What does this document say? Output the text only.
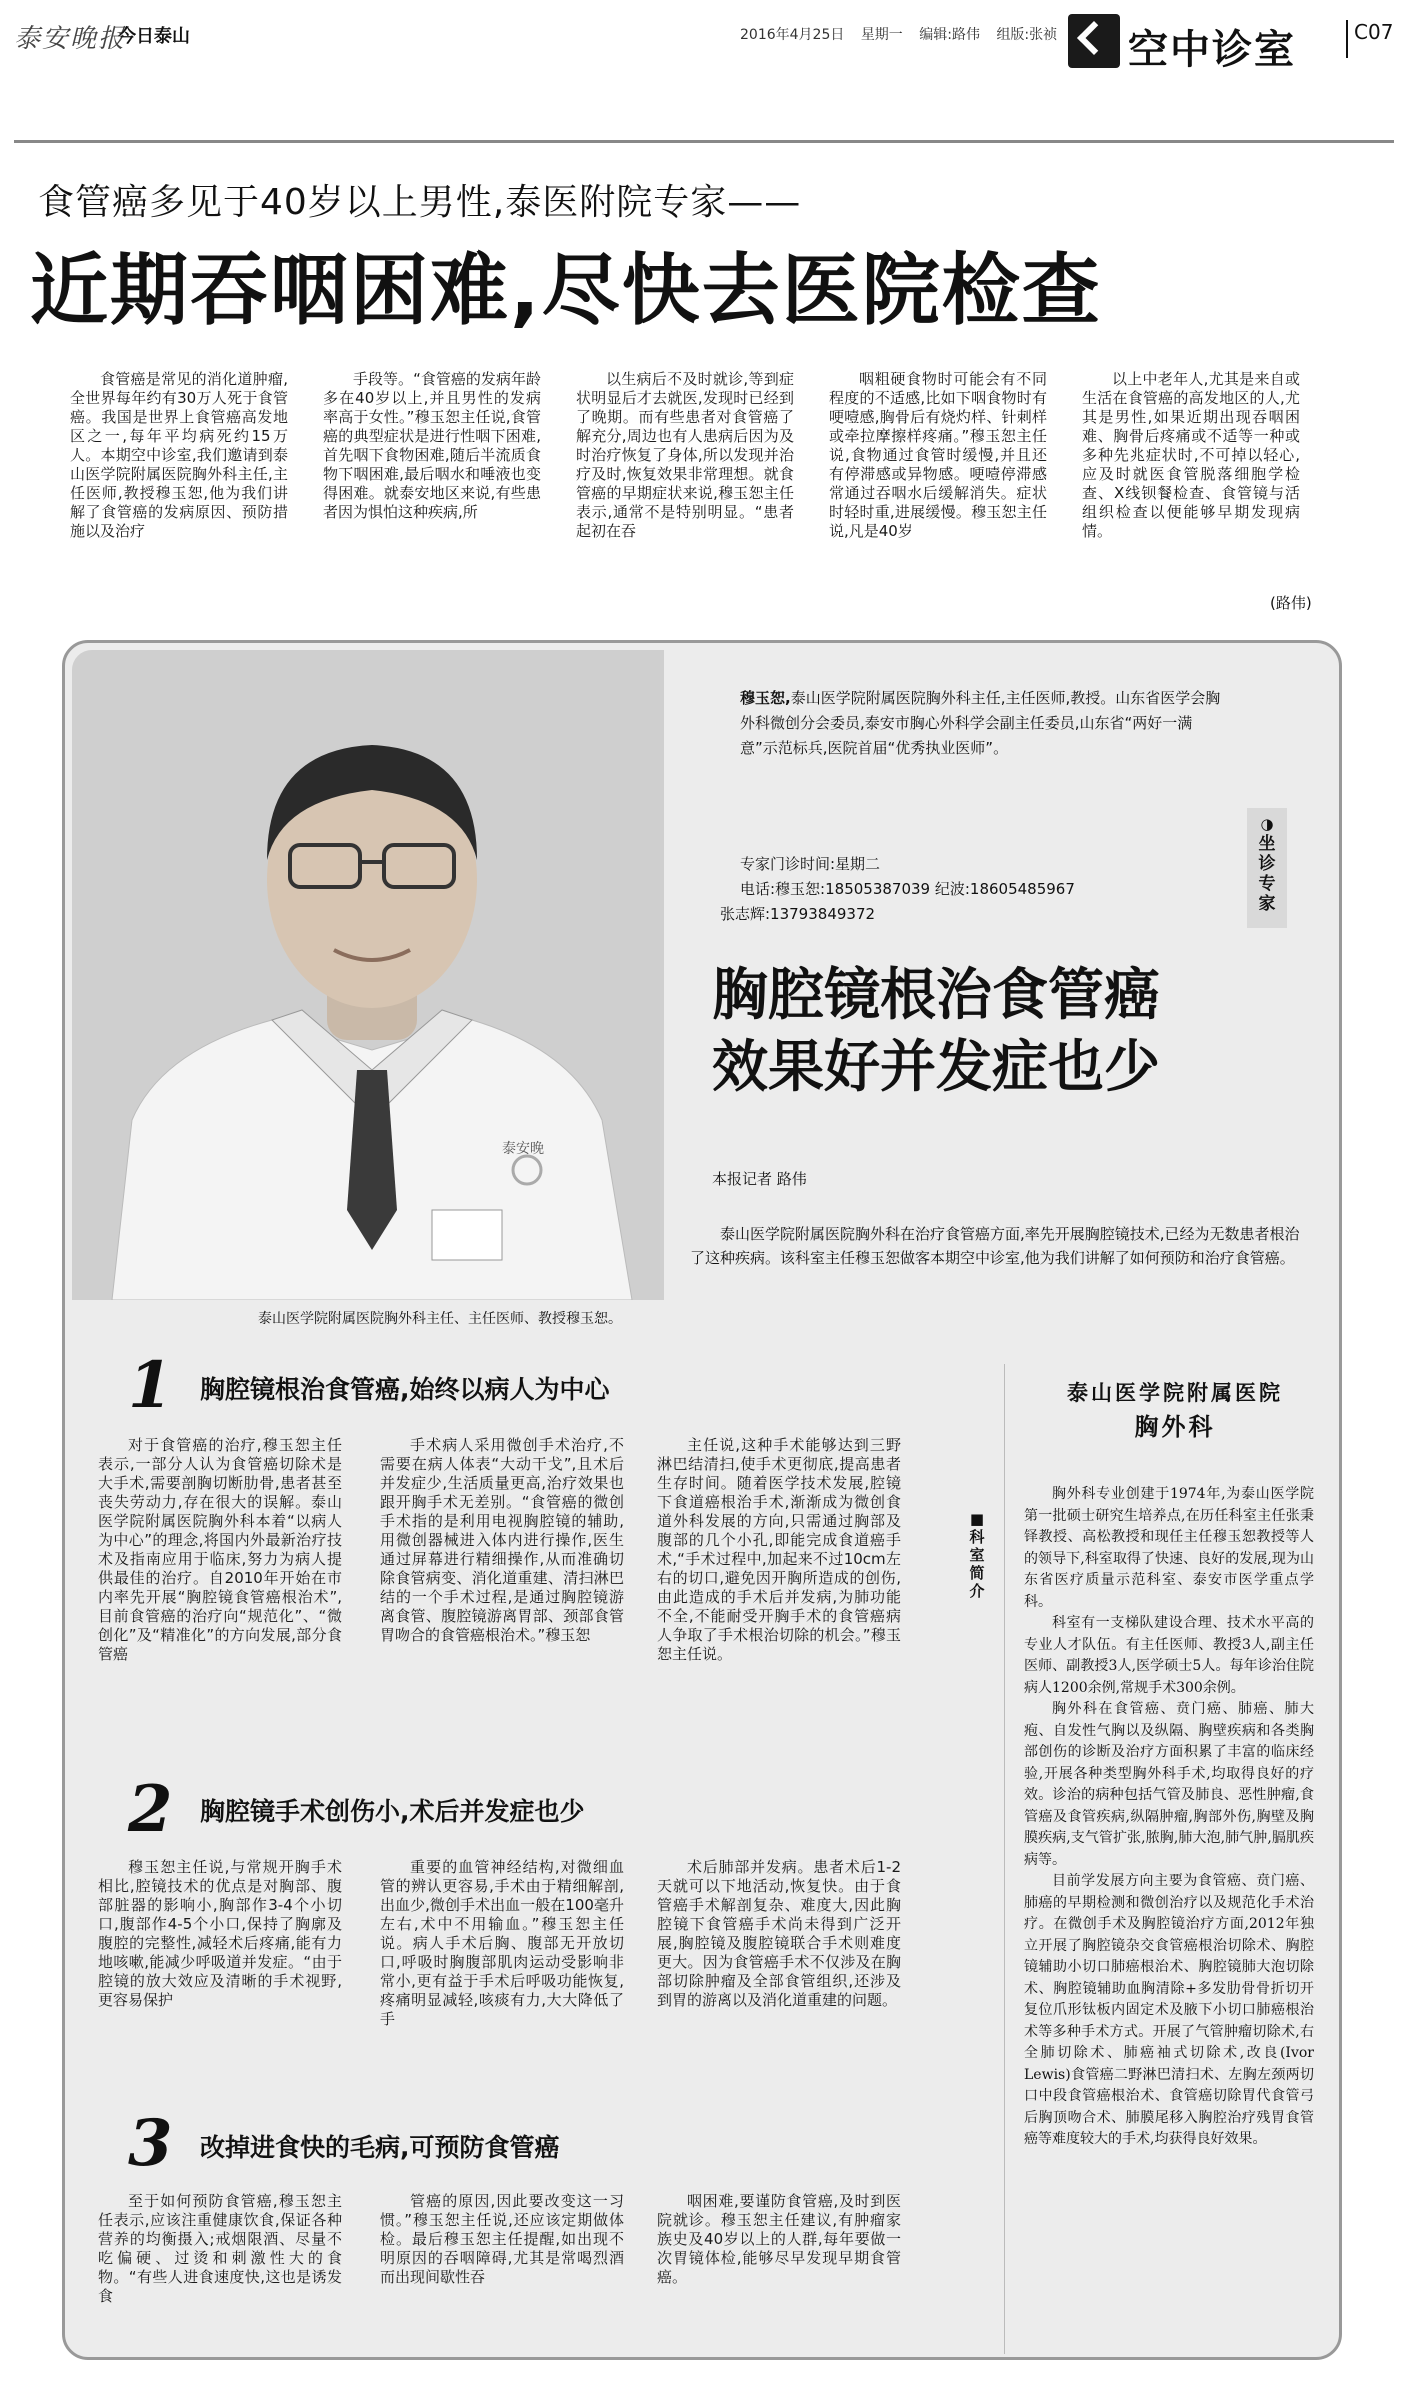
泰安晚报
今日泰山	2016年4月25日 星期一 编辑:路伟 组版:张祯	空中诊室	C07
食管癌多见于40岁以上男性,泰医附院专家——
近期吞咽困难,尽快去医院检查

食管癌是常见的消化道肿瘤,全世界每年约有30万人死于食管癌。我国是世界上食管癌高发地区之一,每年平均病死约15万人。本期空中诊室,我们邀请到泰山医学院附属医院胸外科主任,主任医师,教授穆玉恕,他为我们讲解了食管癌的发病原因、预防措施以及治疗

手段等。“食管癌的发病年龄多在40岁以上,并且男性的发病率高于女性。”穆玉恕主任说,食管癌的典型症状是进行性咽下困难,首先咽下食物困难,随后半流质食物下咽困难,最后咽水和唾液也变得困难。就泰安地区来说,有些患者因为惧怕这种疾病,所

以生病后不及时就诊,等到症状明显后才去就医,发现时已经到了晚期。而有些患者对食管癌了解充分,周边也有人患病后因为及时治疗恢复了身体,所以发现并治疗及时,恢复效果非常理想。就食管癌的早期症状来说,穆玉恕主任表示,通常不是特别明显。“患者起初在吞

咽粗硬食物时可能会有不同程度的不适感,比如下咽食物时有哽噎感,胸骨后有烧灼样、针刺样或牵拉摩擦样疼痛。”穆玉恕主任说,食物通过食管时缓慢,并且还有停滞感或异物感。哽噎停滞感常通过吞咽水后缓解消失。症状时轻时重,进展缓慢。穆玉恕主任说,凡是40岁

以上中老年人,尤其是来自或生活在食管癌的高发地区的人,尤其是男性,如果近期出现吞咽困难、胸骨后疼痛或不适等一种或多种先兆症状时,不可掉以轻心,应及时就医食管脱落细胞学检查、X线钡餐检查、食管镜与活组织检查以便能够早期发现病情。

(路伟)
泰安晚
泰山医学院附属医院胸外科主任、主任医师、教授穆玉恕。
穆玉恕,泰山医学院附属医院胸外科主任,主任医师,教授。山东省医学会胸外科微创分会委员,泰安市胸心外科学会副主任委员,山东省“两好一满意”示范标兵,医院首届“优秀执业医师”。
专家门诊时间:星期二
电话:穆玉恕:18505387039 纪波:18605485967
张志辉:13793849372
◑
坐诊专家
胸腔镜根治食管癌
效果好并发症也少
本报记者 路伟

泰山医学院附属医院胸外科在治疗食管癌方面,率先开展胸腔镜技术,已经为无数患者根治了这种疾病。该科室主任穆玉恕做客本期空中诊室,他为我们讲解了如何预防和治疗食管癌。

1 胸腔镜根治食管癌,始终以病人为中心

对于食管癌的治疗,穆玉恕主任表示,一部分人认为食管癌切除术是大手术,需要剖胸切断肋骨,患者甚至丧失劳动力,存在很大的误解。泰山医学院附属医院胸外科本着“以病人为中心”的理念,将国内外最新治疗技术及指南应用于临床,努力为病人提供最佳的治疗。自2010年开始在市内率先开展“胸腔镜食管癌根治术”,目前食管癌的治疗向“规范化”、“微创化”及“精准化”的方向发展,部分食管癌

手术病人采用微创手术治疗,不需要在病人体表“大动干戈”,且术后并发症少,生活质量更高,治疗效果也跟开胸手术无差别。“食管癌的微创手术指的是利用电视胸腔镜的辅助,用微创器械进入体内进行操作,医生通过屏幕进行精细操作,从而准确切除食管病变、消化道重建、清扫淋巴结的一个手术过程,是通过胸腔镜游离食管、腹腔镜游离胃部、颈部食管胃吻合的食管癌根治术。”穆玉恕

主任说,这种手术能够达到三野淋巴结清扫,使手术更彻底,提高患者生存时间。随着医学技术发展,腔镜下食道癌根治手术,渐渐成为微创食道外科发展的方向,只需通过胸部及腹部的几个小孔,即能完成食道癌手术,“手术过程中,加起来不过10cm左右的切口,避免因开胸所造成的创伤,由此造成的手术后并发病,为肺功能不全,不能耐受开胸手术的食管癌病人争取了手术根治切除的机会。”穆玉恕主任说。

2 胸腔镜手术创伤小,术后并发症也少

穆玉恕主任说,与常规开胸手术相比,腔镜技术的优点是对胸部、腹部脏器的影响小,胸部作3-4个小切口,腹部作4-5个小口,保持了胸廓及腹腔的完整性,减轻术后疼痛,能有力地咳嗽,能减少呼吸道并发症。“由于腔镜的放大效应及清晰的手术视野,更容易保护

重要的血管神经结构,对微细血管的辨认更容易,手术由于精细解剖,出血少,微创手术出血一般在100毫升左右,术中不用输血。”穆玉恕主任说。病人手术后胸、腹部无开放切口,呼吸时胸腹部肌肉运动受影响非常小,更有益于手术后呼吸功能恢复,疼痛明显减轻,咳痰有力,大大降低了手

术后肺部并发病。患者术后1-2天就可以下地活动,恢复快。由于食管癌手术解剖复杂、难度大,因此胸腔镜下食管癌手术尚未得到广泛开展,胸腔镜及腹腔镜联合手术则难度更大。因为食管癌手术不仅涉及在胸部切除肿瘤及全部食管组织,还涉及到胃的游离以及消化道重建的问题。

3 改掉进食快的毛病,可预防食管癌

至于如何预防食管癌,穆玉恕主任表示,应该注重健康饮食,保证各种营养的均衡摄入;戒烟限酒、尽量不吃偏硬、过烫和刺激性大的食物。“有些人进食速度快,这也是诱发食

管癌的原因,因此要改变这一习惯。”穆玉恕主任说,还应该定期做体检。最后穆玉恕主任提醒,如出现不明原因的吞咽障碍,尤其是常喝烈酒而出现间歇性吞

咽困难,要谨防食管癌,及时到医院就诊。穆玉恕主任建议,有肿瘤家族史及40岁以上的人群,每年要做一次胃镜体检,能够尽早发现早期食管癌。

泰山医学院附属医院
胸外科
■
科室简介

胸外科专业创建于1974年,为泰山医学院第一批硕士研究生培养点,在历任科室主任张秉铎教授、高松教授和现任主任穆玉恕教授等人的领导下,科室取得了快速、良好的发展,现为山东省医疗质量示范科室、泰安市医学重点学科。

科室有一支梯队建设合理、技术水平高的专业人才队伍。有主任医师、教授3人,副主任医师、副教授3人,医学硕士5人。每年诊治住院病人1200余例,常规手术300余例。

胸外科在食管癌、贲门癌、肺癌、肺大疱、自发性气胸以及纵隔、胸壁疾病和各类胸部创伤的诊断及治疗方面积累了丰富的临床经验,开展各种类型胸外科手术,均取得良好的疗效。诊治的病种包括气管及肺良、恶性肿瘤,食管癌及食管疾病,纵隔肿瘤,胸部外伤,胸壁及胸膜疾病,支气管扩张,脓胸,肺大泡,肺气肿,膈肌疾病等。

目前学发展方向主要为食管癌、贲门癌、肺癌的早期检测和微创治疗以及规范化手术治疗。在微创手术及胸腔镜治疗方面,2012年独立开展了胸腔镜杂交食管癌根治切除术、胸腔镜辅助小切口肺癌根治术、胸腔镜肺大泡切除术、胸腔镜辅助血胸清除+多发肋骨骨折切开复位爪形钛板内固定术及腋下小切口肺癌根治术等多种手术方式。开展了气管肿瘤切除术,右全肺切除术、肺癌袖式切除术,改良(Ivor Lewis)食管癌二野淋巴清扫术、左胸左颈两切口中段食管癌根治术、食管癌切除胃代食管弓后胸顶吻合术、肺膜尾移入胸腔治疗残胃食管癌等难度较大的手术,均获得良好效果。
